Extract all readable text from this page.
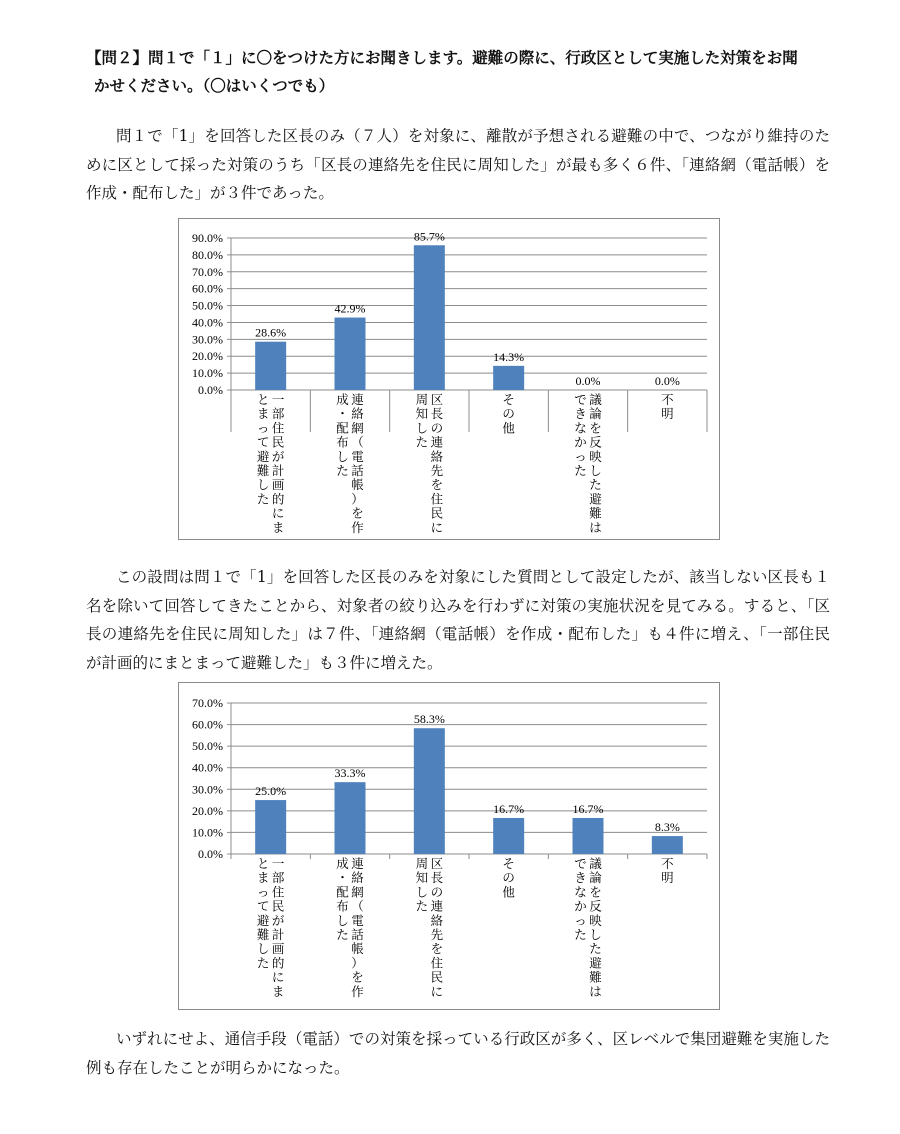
【問２】問１で「１」に〇をつけた方にお聞きします。避難の際に、行政区として実施した対策をお聞
かせください。（〇はいくつでも）

問１で「1」を回答した区長のみ（７人）を対象に、離散が予想される避難の中で、つながり維持のために区として採った対策のうち「区長の連絡先を住民に周知した」が最も多く６件、「連絡網（電話帳）を作成・配布した」が３件であった。

0.0%
10.0%
20.0%
30.0%
40.0%
50.0%
60.0%
70.0%
80.0%
90.0%
28.6%
42.9%
85.7%
14.3%
0.0%	0.0%
一部住民が計画的にま
とまって避難した
連絡網（電話帳）を作
成・配布した
区長の連絡先を住民に
周知した
その他
議論を反映した避難は
できなかった
不明

この設問は問１で「1」を回答した区長のみを対象にした質問として設定したが、該当しない区長も１名を除いて回答してきたことから、対象者の絞り込みを行わずに対策の実施状況を見てみる。すると、「区長の連絡先を住民に周知した」は７件、「連絡網（電話帳）を作成・配布した」も４件に増え、「一部住民が計画的にまとまって避難した」も３件に増えた。

0.0%
10.0%
20.0%
30.0%
40.0%
50.0%
60.0%
70.0%
25.0%
33.3%
58.3%
16.7%	16.7%
8.3%
一部住民が計画的にま
とまって避難した
連絡網（電話帳）を作
成・配布した
区長の連絡先を住民に
周知した
その他
議論を反映した避難は
できなかった
不明

いずれにせよ、通信手段（電話）での対策を採っている行政区が多く、区レベルで集団避難を実施した例も存在したことが明らかになった。
